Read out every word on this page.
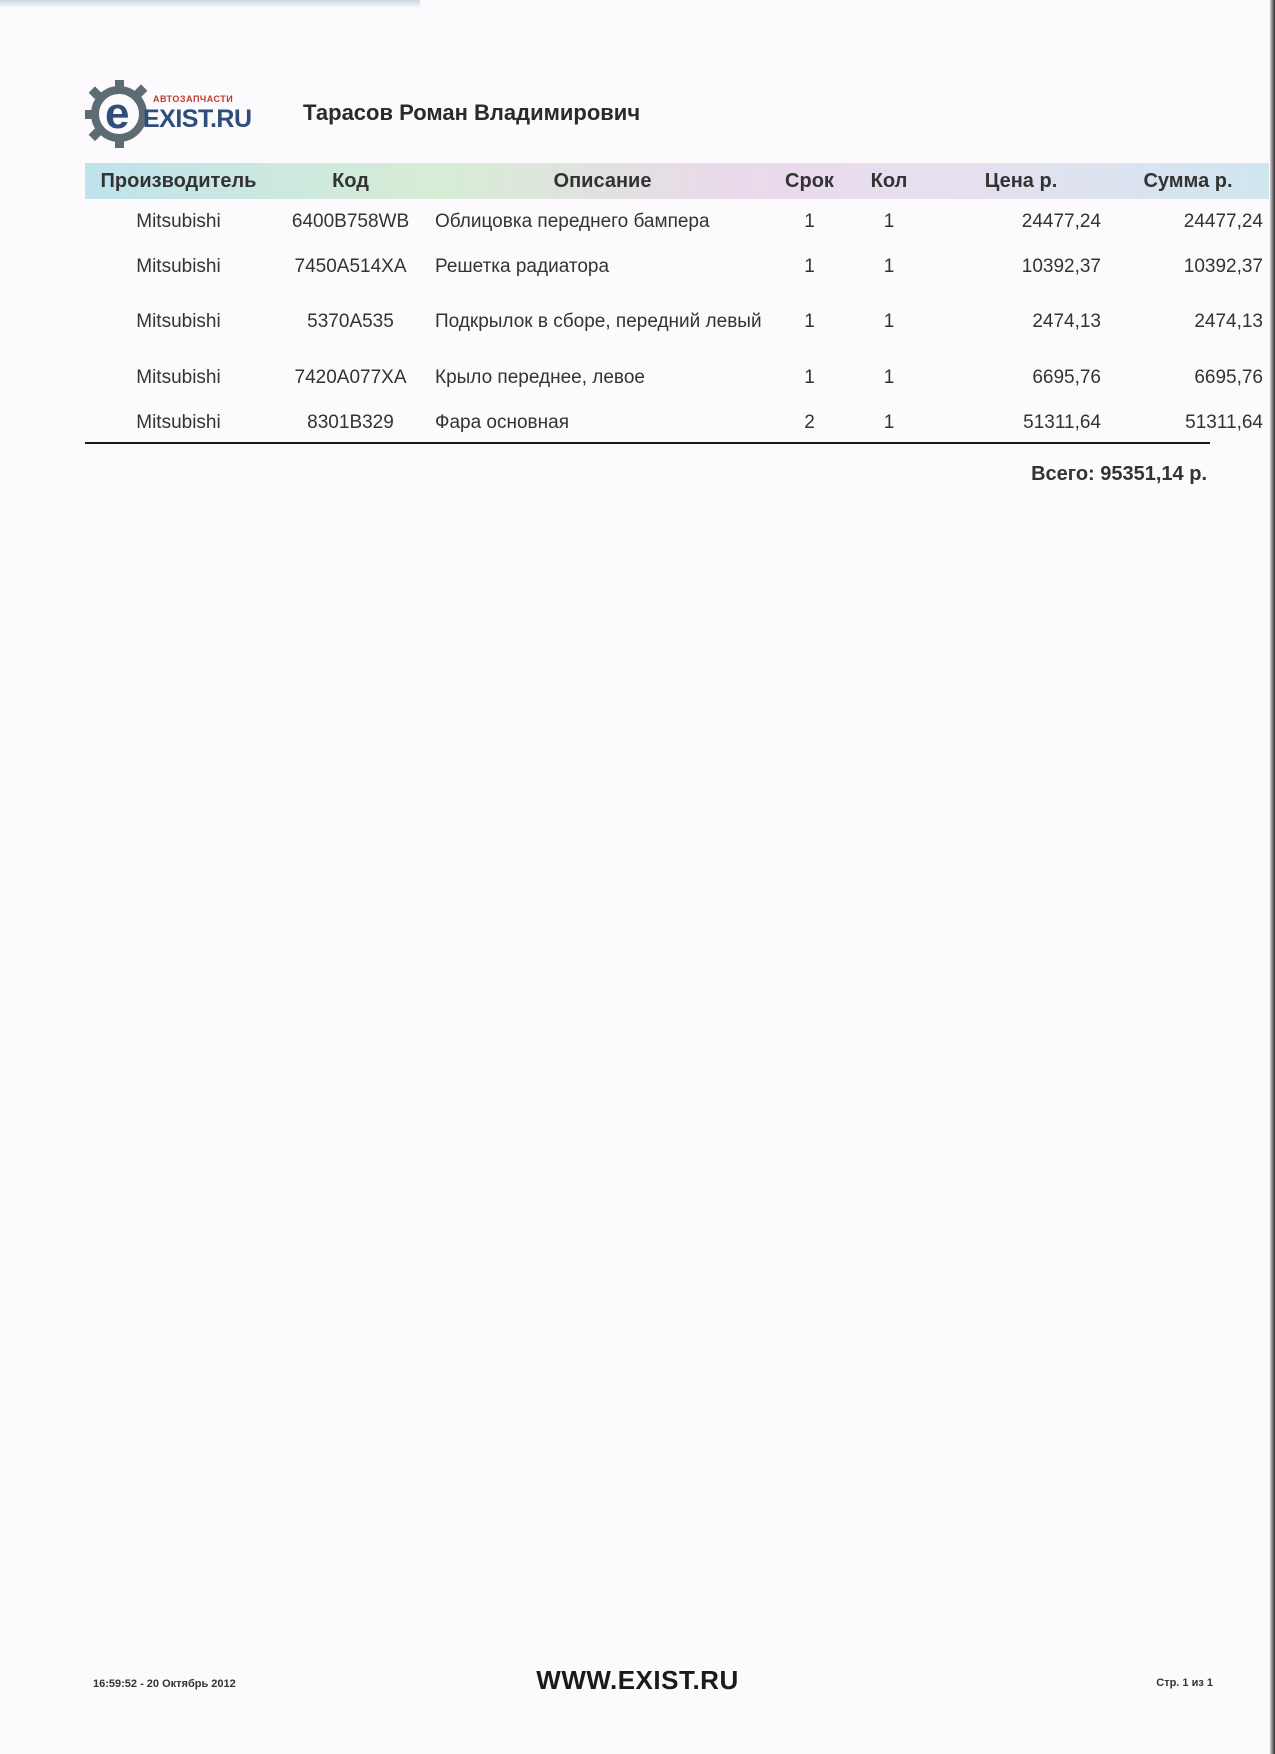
e	АВТОЗАПЧАСТИ
EXIST.RU Тарасов Роман Владимирович
Производитель	Код	Описание	Срок	Кол	Цена р.	Сумма р.
Mitsubishi	6400B758WB	Облицовка переднего бампера	1	1	24477,24	24477,24
Mitsubishi	7450A514XA	Решетка радиатора	1	1	10392,37	10392,37
Mitsubishi	5370A535	Подкрылок в сборе, передний левый	1	1	2474,13	2474,13
Mitsubishi	7420A077XA	Крыло переднее, левое	1	1	6695,76	6695,76
Mitsubishi	8301B329	Фара основная	2	1	51311,64	51311,64
Всего: 95351,14 р.
16:59:52 - 20 Октябрь 2012	WWW.EXIST.RU	Стр. 1 из 1
